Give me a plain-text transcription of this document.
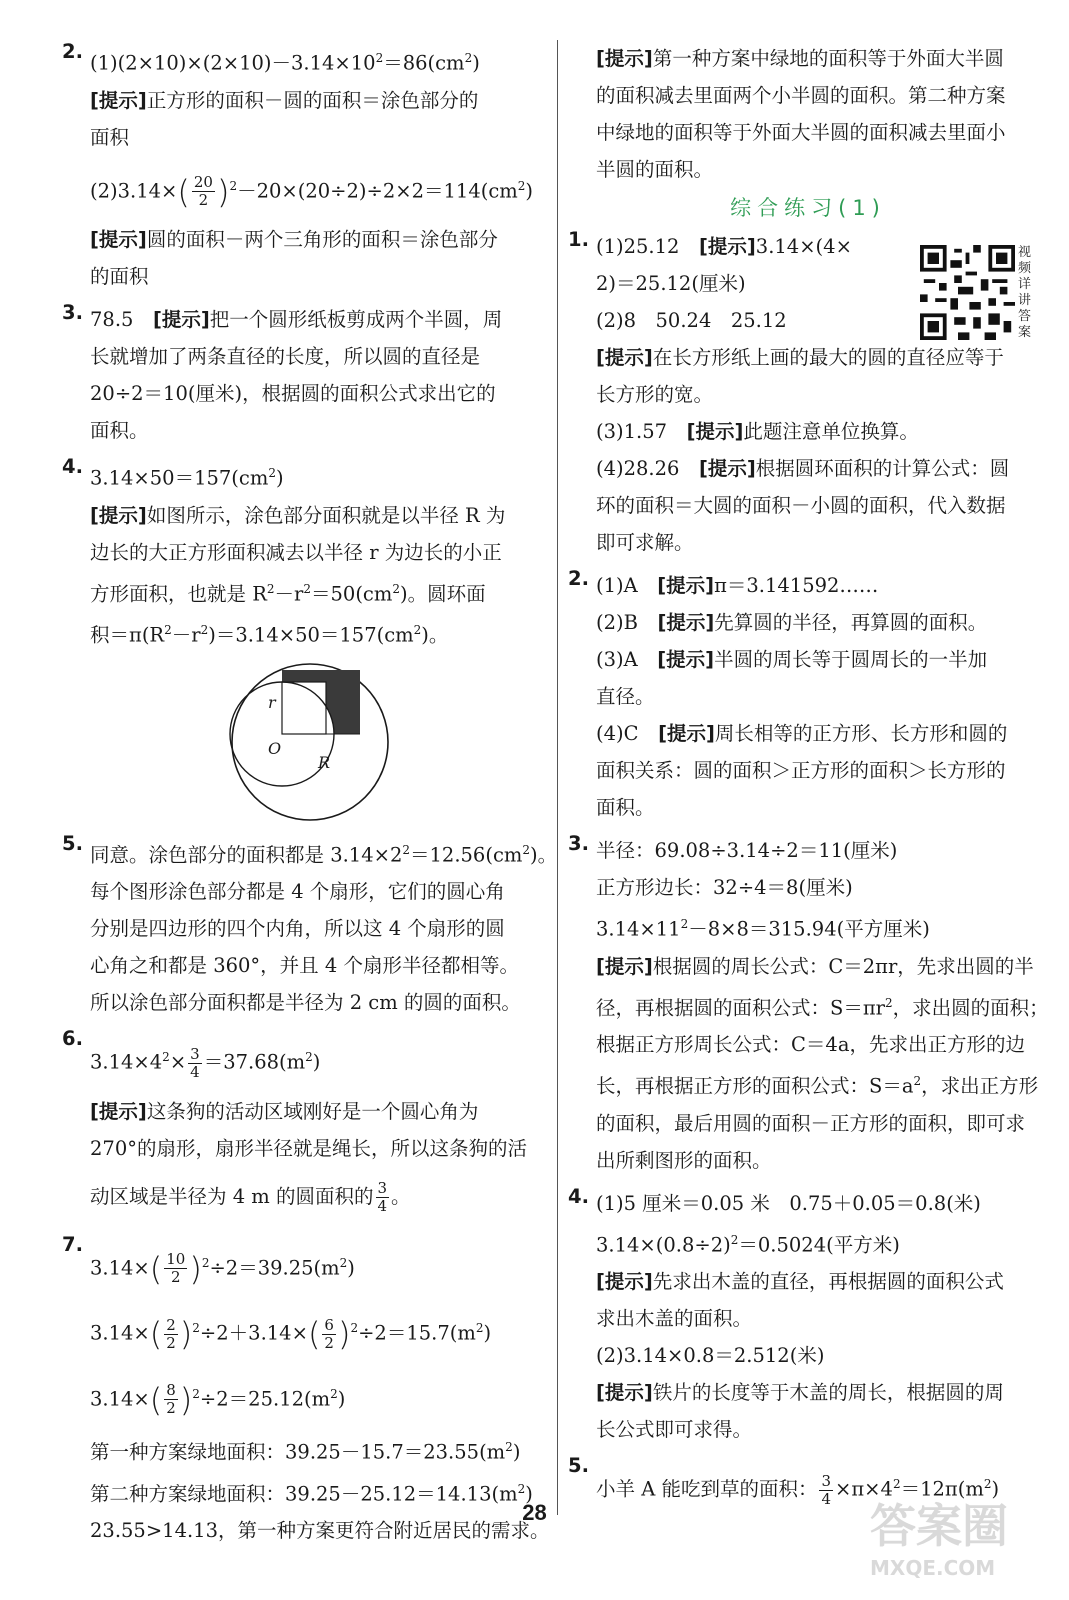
2. $(1)(2\times 10)\times(2\times 10)-3.14\times 10^2=86(cm^2)$
[提示]正方形的面积－圆的面积＝涂色部分的
面积
$(2)3.14\times( \frac{20}{2} )^2-20\times(20\div 2)\div 2\times 2=114(cm^2)$
[提示]圆的面积－两个三角形的面积＝涂色部分
的面积
3. 78.5　 [提示]把一个圆形纸板剪成两个半圆，周
长就增加了两条直径的长度，所以圆的直径是
20÷2＝10(厘米)，根据圆的面积公式求出它的
面积。
4. $3.14\times 50=157(cm^2)$
[提示]如图所示，涂色部分面积就是以半径 R 为
边长的大正方形面积减去以半径 r 为边长的小正
方形面积，也就是 $R^2-r^2=50(cm^2)$。圆环面
积$=\pi(R^2-r^2)=3.14\times 50=157(cm^2)$。
r
O
R
5. 同意。涂色部分的面积都是 $3.14\times 2^2=12.56(cm^2)$。
每个图形涂色部分都是 4 个扇形，它们的圆心角
分别是四边形的四个内角，所以这 4 个扇形的圆
心角之和都是 360°，并且 4 个扇形半径都相等。
所以涂色部分面积都是半径为 2 cm 的圆的面积。
6.
$3.14\times 4^2\times \frac{3}{4} =37.68(m^2)$
[提示]这条狗的活动区域刚好是一个圆心角为
270°的扇形，扇形半径就是绳长，所以这条狗的活
动区域是半径为 4 m 的圆面积的 $\frac{3}{4}$ 。
7.
$3.14\times( \frac{10}{2} )^2\div 2=39.25(m^2)$
$3.14\times( \frac{2}{2} )^2\div 2+3.14\times( \frac{6}{2} )^2\div 2=15.7(m^2)$
$3.14\times( \frac{8}{2} )^2\div 2=25.12(m^2)$
第一种方案绿地面积：$39.25-15.7=23.55(m^2)$
第二种方案绿地面积：$39.25-25.12=14.13(m^2)$
23.55>14.13，第一种方案更符合附近居民的需求。
[提示]第一种方案中绿地的面积等于外面大半圆
的面积减去里面两个小半圆的面积。第二种方案
中绿地的面积等于外面大半圆的面积减去里面小
半圆的面积。
综合练习(1)
1. (1)25.12　 [提示]3.14×(4×
2)＝25.12(厘米)
(2)8　50.24　25.12
[提示]在长方形纸上画的最大的圆的直径应等于
长方形的宽。
(3)1.57　 [提示]此题注意单位换算。
(4)28.26　 [提示]根据圆环面积的计算公式：圆
环的面积＝大圆的面积－小圆的面积，代入数据
即可求解。
2. (1)A　 [提示]π＝3.141592……
(2)B　 [提示]先算圆的半径，再算圆的面积。
(3)A　 [提示]半圆的周长等于圆周长的一半加
直径。
(4)C　 [提示]周长相等的正方形、长方形和圆的
面积关系：圆的面积＞正方形的面积＞长方形的
面积。
3. 半径：69.08÷3.14÷2＝11(厘米)
正方形边长：32÷4＝8(厘米)
$3.14\times 11^2-8\times 8=315.94$(平方厘米)
[提示]根据圆的周长公式：C＝2πr，先求出圆的半
径，再根据圆的面积公式：$S=\pi r^2$，求出圆的面积；
根据正方形周长公式：C＝4a，先求出正方形的边
长，再根据正方形的面积公式：$S=a^2$，求出正方形
的面积，最后用圆的面积－正方形的面积，即可求
出所剩图形的面积。
4. (1)5 厘米＝0.05 米　0.75＋0.05＝0.8(米)
$3.14\times(0.8\div 2)^2=0.5024$(平方米)
[提示]先求出木盖的直径，再根据圆的面积公式
求出木盖的面积。
(2)3.14×0.8＝2.512(米)
[提示]铁片的长度等于木盖的周长，根据圆的周
长公式即可求得。
5.
小羊 A 能吃到草的面积： $\frac{3}{4} \times\pi\times 4^2=12\pi(m^2)$
视频详讲答案
28	答案圈
MXQE.COM
